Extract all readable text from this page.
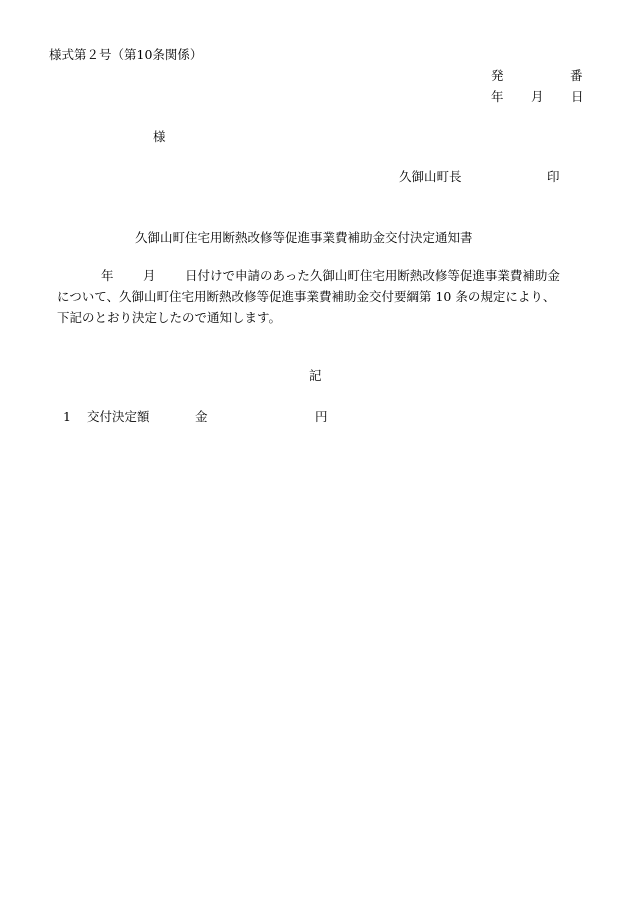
様式第２号（第10条関係）
発	番
年 月 日
様
久御山町長	印
久御山町住宅用断熱改修等促進事業費補助金交付決定通知書
年 月 日付けで申請のあった久御山町住宅用断熱改修等促進事業費補助金
について、久御山町住宅用断熱改修等促進事業費補助金交付要綱第 10 条の規定により、
下記のとおり決定したので通知します。
記
1 交付決定額	金	円
